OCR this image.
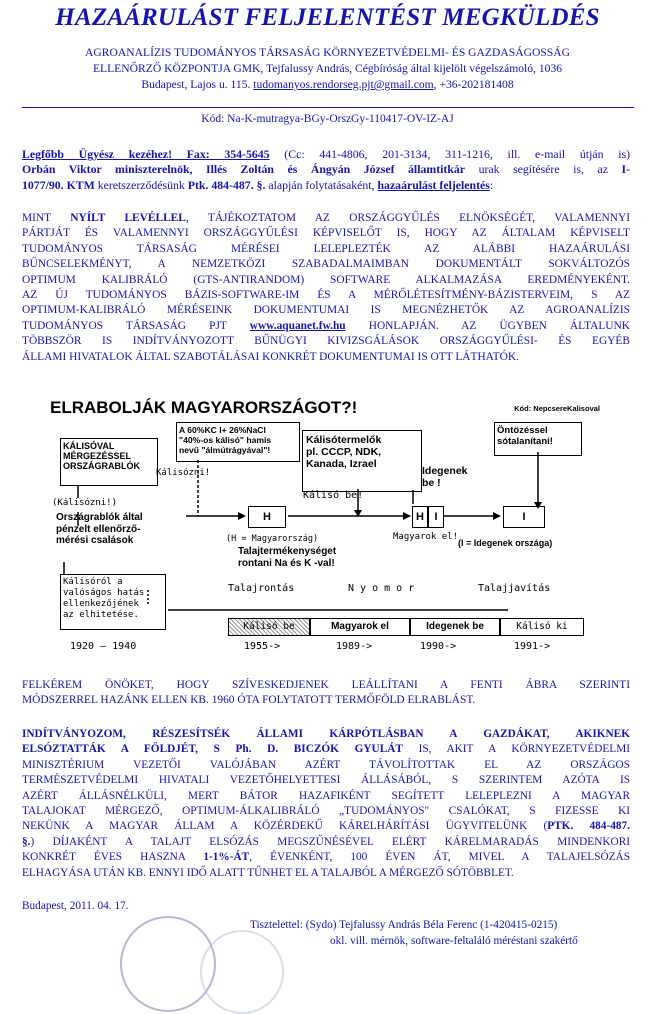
HAZAÁRULÁST FELJELENTÉST MEGKÜLDÉS
AGROANALÍZIS TUDOMÁNYOS TÁRSASÁG KÖRNYEZETVÉDELMI- ÉS GAZDASÁGOSSÁG
ELLENŐRZŐ KÖZPONTJA GMK, Tejfalussy András, Cégbíróság által kijelölt végelszámoló, 1036
Budapest, Lajos u. 115. tudomanyos.rendorseg.pjt@gmail.com, +36-202181408
Kód: Na-K-mutragya-BGy-OrszGy-110417-OV-IZ-AJ
Legfőbb Ügyész kezéhez! Fax: 354-5645 (Cc: 441-4806, 201-3134, 311-1216, ill. e-mail útján is)
Orbán Viktor miniszterelnök, Illés Zoltán és Ángyán József államtitkár urak segítésére is, az I-
1077/90. KTM keretszerződésünk Ptk. 484-487. §. alapján folytatásaként, hazaárulást feljelentés:
MINT NYÍLT LEVÉLLEL, TÁJÉKOZTATOM AZ ORSZÁGGYŰLÉS ELNÖKSÉGÉT, VALAMENNYI
PÁRTJÁT ÉS VALAMENNYI ORSZÁGGYŰLÉSI KÉPVISELŐT IS, HOGY AZ ÁLTALAM KÉPVISELT
TUDOMÁNYOS TÁRSASÁG MÉRÉSEI LELEPLEZTÉK AZ ALÁBBI HAZAÁRULÁSI
BŰNCSELEKMÉNYT, A NEMZETKÖZI SZABADALMAIMBAN DOKUMENTÁLT SOKVÁLTOZÓS
OPTIMUM KALIBRÁLÓ (GTS-ANTIRANDOM) SOFTWARE ALKALMAZÁSA EREDMÉNYEKÉNT.
AZ ÚJ TUDOMÁNYOS BÁZIS-SOFTWARE-IM ÉS A MÉRŐLÉTESÍTMÉNY-BÁZISTERVEIM, S AZ
OPTIMUM-KALIBRÁLÓ MÉRÉSEINK DOKUMENTUMAI IS MEGNÉZHETŐK AZ AGROANALÍZIS
TUDOMÁNYOS TÁRSASÁG PJT www.aquanet.fw.hu HONLAPJÁN. AZ ÜGYBEN ÁLTALUNK
TÖBBSZÖR IS INDÍTVÁNYOZOTT BŰNÜGYI KIVIZSGÁLÁSOK ORSZÁGGYŰLÉSI- ÉS EGYÉB
ÁLLAMI HIVATALOK ÁLTAL SZABOTÁLÁSAI KONKRÉT DOKUMENTUMAI IS OTT LÁTHATÓK.
ELRABOLJÁK MAGYARORSZÁGOT?!	Kód: NepcsereKalisoval
KÁLISÓVAL
MÉRGEZÉSSEL
ORSZÁGRABLÓK
Kálisózni!
A 60%KC l+ 26%NaCl
"40%-os kálisó" hamis
nevű "álmútrágyával"!
Kálisótermelők
pl. CCCP, NDK,
Kanada, Izrael
Öntözéssel
sótalanítani!
Kálisó be!
Idegenek
be !
(Kálisózni!)
Országrablók által
pénzelt ellenőrző-
mérési csalások
H	H I	I
(H = Magyarország)	(I = Idegenek országa)
Magyarok el!
Talajtermékenységet
rontani Na és K -val!
Kálisóról a
valóságos hatás
ellenkezőjének
az elhitetése.
Talajrontás	N y o m o r	Talajjavítás
Kálisó be	Magyarok el	Idegenek be	Kálisó ki
1920 – 1940	1955->	1989->	1990->	1991->
FELKÉREM ÖNÖKET, HOGY SZÍVESKEDJENEK LEÁLLÍTANI A FENTI ÁBRA SZERINTI
MÓDSZERREL HAZÁNK ELLEN KB. 1960 ÓTA FOLYTATOTT TERMŐFÖLD ELRABLÁST.
INDÍTVÁNYOZOM, RÉSZESÍTSÉK ÁLLAMI KÁRPÓTLÁSBAN A GAZDÁKAT, AKIKNEK
ELSÓZTATTÁK A FÖLDJÉT, S Ph. D. BICZÓK GYULÁT IS, AKIT A KÖRNYEZETVÉDELMI
MINISZTÉRIUM VEZETŐI VALÓJÁBAN AZÉRT TÁVOLÍTOTTAK EL AZ ORSZÁGOS
TERMÉSZETVÉDELMI HIVATALI VEZETŐHELYETTESI ÁLLÁSÁBÓL, S SZERINTEM AZÓTA IS
AZÉRT ÁLLÁSNÉLKÜLI, MERT BÁTOR HAZAFIKÉNT SEGÍTETT LELEPLEZNI A MAGYAR
TALAJOKAT MÉRGEZŐ, OPTIMUM-ÁLKALIBRÁLÓ „TUDOMÁNYOS" CSALÓKAT, S FIZESSE KI
NEKÜNK A MAGYAR ÁLLAM A KÖZÉRDEKŰ KÁRELHÁRÍTÁSI ÜGYVITELÜNK (PTK. 484-487.
§.) DÍJAKÉNT A TALAJT ELSÓZÁS MEGSZŰNÉSÉVEL ELÉRT KÁRELMARADÁS MINDENKORI
KONKRÉT ÉVES HASZNA 1-1%-ÁT, ÉVENKÉNT, 100 ÉVEN ÁT, MIVEL A TALAJELSÓZÁS
ELHAGYÁSA UTÁN KB. ENNYI IDŐ ALATT TŰNHET EL A TALAJBÓL A MÉRGEZŐ SÓTÖBBLET.
Budapest, 2011. 04. 17.
Tisztelettel: (Sydo) Tejfalussy András Béla Ferenc (1-420415-0215)
okl. vill. mérnök, software-feltaláló méréstani szakértő
